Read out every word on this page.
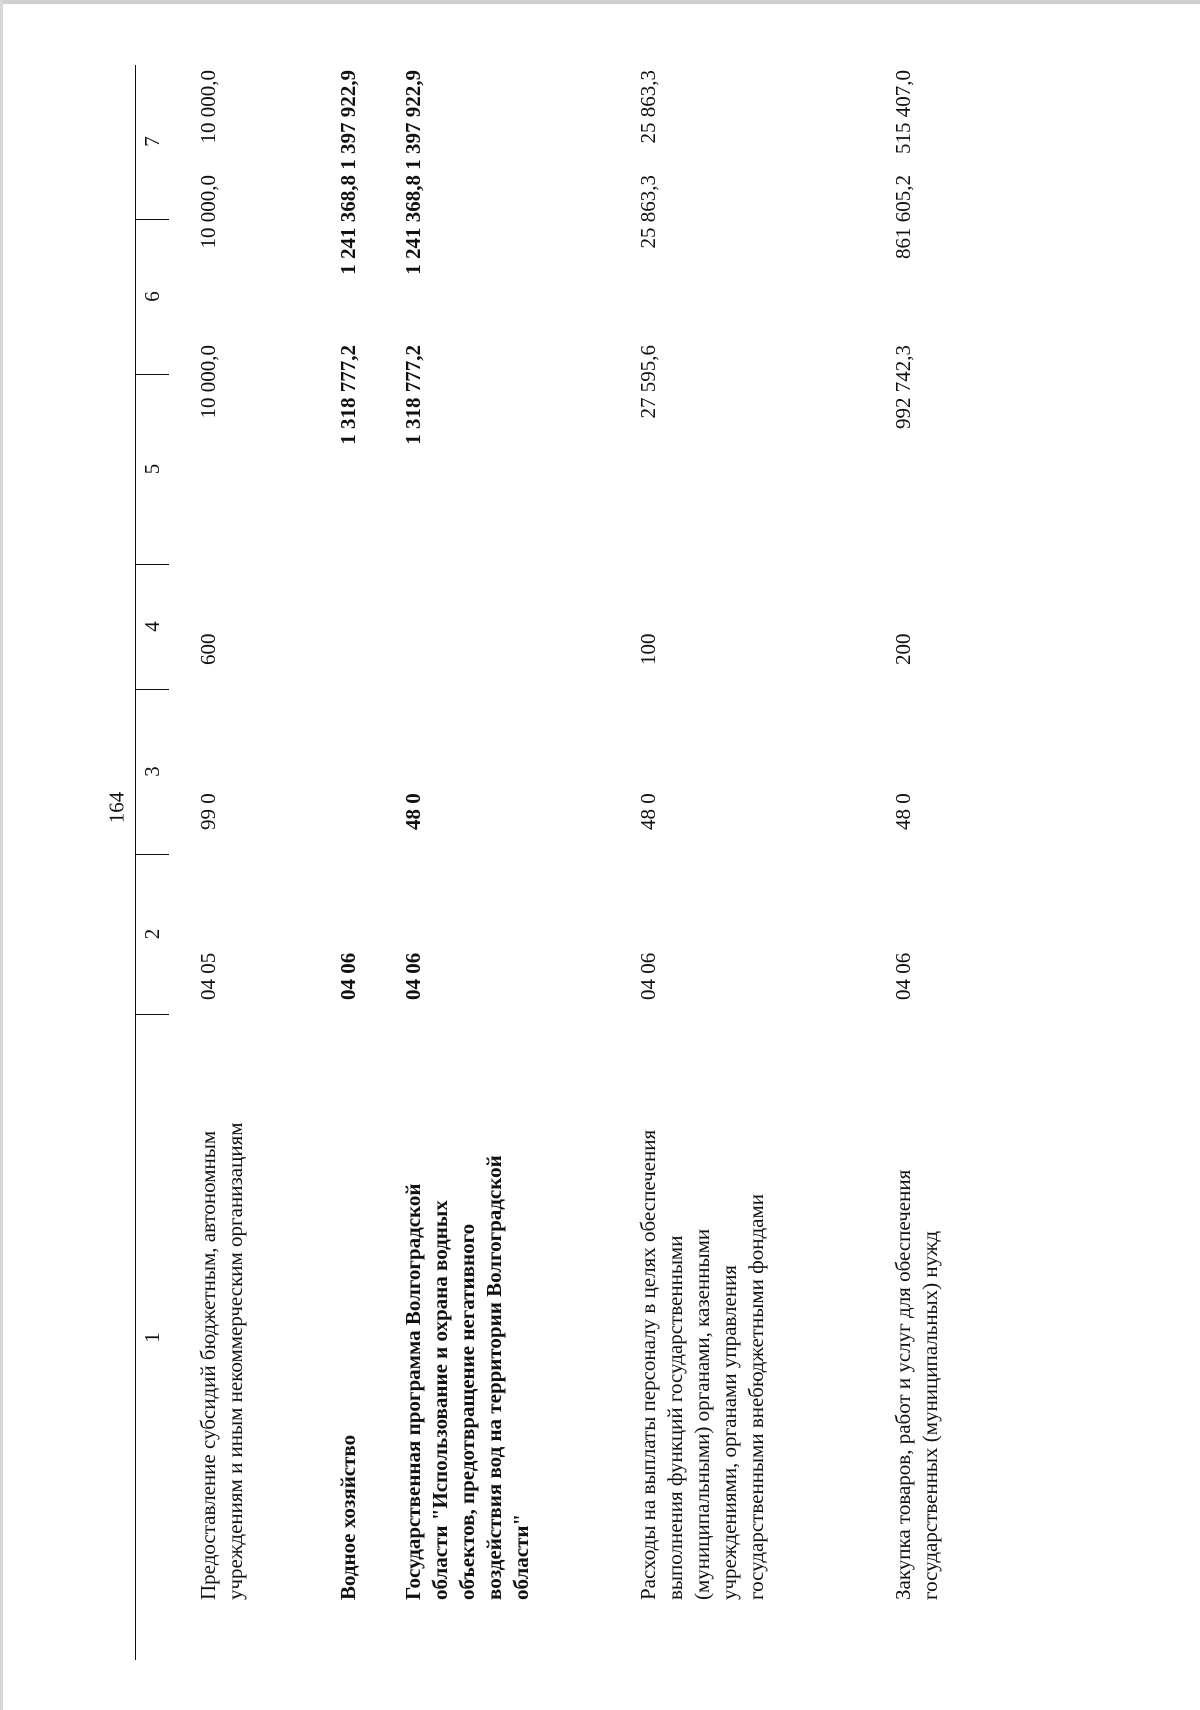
164
1
2
3
4
5
6
7
Предоставление субсидий бюджетным, автономным учреждениям и иным некоммерческим организациям
04 05
99 0
600
10 000,0
10 000,0
10 000,0
Водное хозяйство
04 06
1 318 777,2
1 241 368,8
1 397 922,9
Государственная программа Волгоградской области "Использование и охрана водных объектов, предотвращение негативного воздействия вод на территории Волгоградской области"
04 06
48 0
1 318 777,2
1 241 368,8
1 397 922,9
Расходы на выплаты персоналу в целях обеспечения выполнения функций государственными (муниципальными) органами, казенными учреждениями, органами управления государственными внебюджетными фондами
04 06
48 0
100
27 595,6
25 863,3
25 863,3
Закупка товаров, работ и услуг для обеспечения государственных (муниципальных) нужд
04 06
48 0
200
992 742,3
861 605,2
515 407,0
